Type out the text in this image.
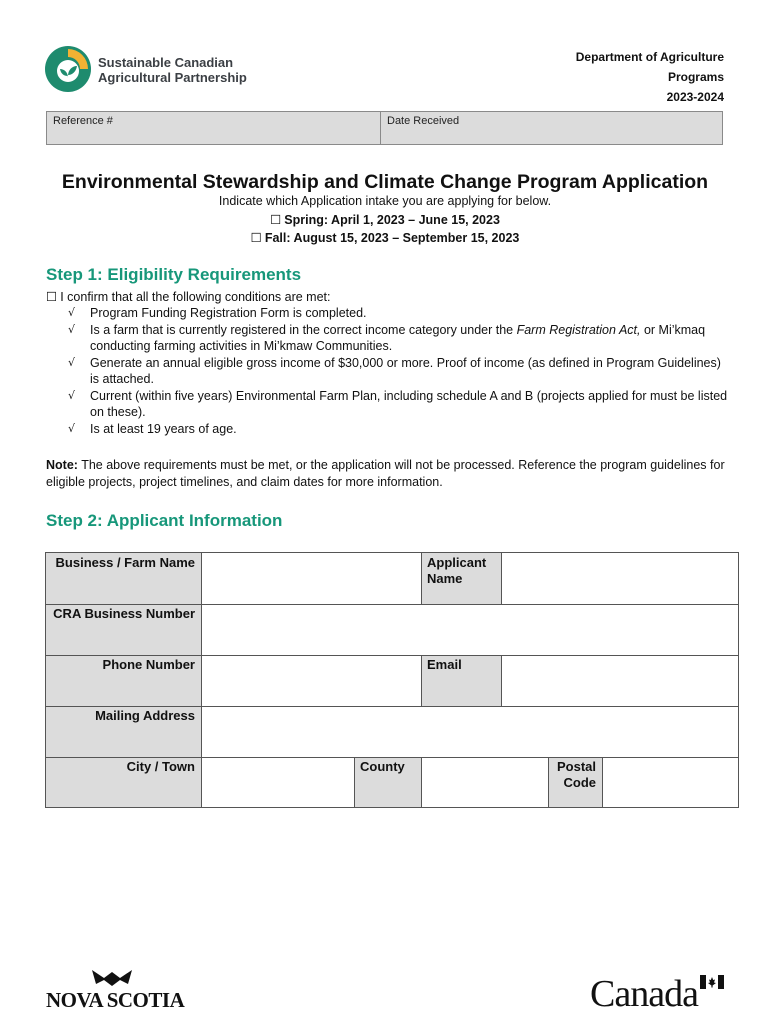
Sustainable Canadian
Agricultural Partnership
Department of Agriculture
Programs
2023-2024
Reference #	Date Received
Environmental Stewardship and Climate Change Program Application
Indicate which Application intake you are applying for below.
☐ Spring: April 1, 2023 – June 15, 2023
☐ Fall: August 15, 2023 – September 15, 2023
Step 1: Eligibility Requirements
☐ I confirm that all the following conditions are met:
√ Program Funding Registration Form is completed.
√ Is a farm that is currently registered in the correct income category under the Farm Registration Act, or Mi’kmaq conducting farming activities in Mi’kmaw Communities.
√ Generate an annual eligible gross income of $30,000 or more. Proof of income (as defined in Program Guidelines) is attached.
√ Current (within five years) Environmental Farm Plan, including schedule A and B (projects applied for must be listed on these).
√ Is at least 19 years of age.
Note: The above requirements must be met, or the application will not be processed. Reference the program guidelines for eligible projects, project timelines, and claim dates for more information.
Step 2: Applicant Information
Business / Farm Name	Applicant Name
CRA Business Number
Phone Number	Email
Mailing Address
City / Town	County	Postal Code
NOVA SCOTIA	Canada
